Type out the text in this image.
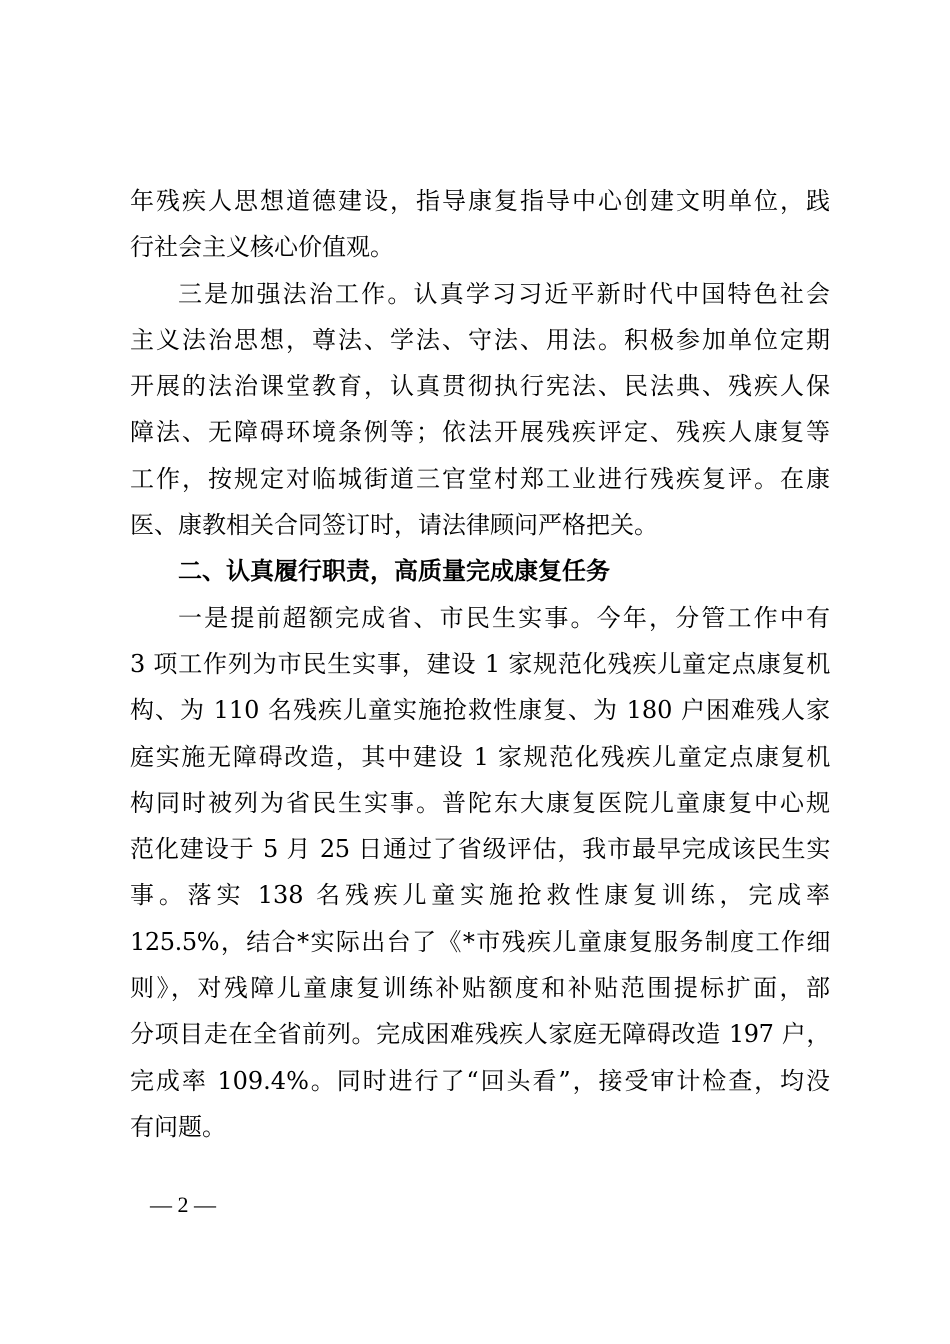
年残疾人思想道德建设，指导康复指导中心创建文明单位，践
行社会主义核心价值观。
三是加强法治工作。认真学习习近平新时代中国特色社会
主义法治思想，尊法、学法、守法、用法。积极参加单位定期
开展的法治课堂教育，认真贯彻执行宪法、民法典、残疾人保
障法、无障碍环境条例等；依法开展残疾评定、残疾人康复等
工作，按规定对临城街道三官堂村郑工业进行残疾复评。在康
医、康教相关合同签订时，请法律顾问严格把关。
二、认真履行职责，高质量完成康复任务
一是提前超额完成省、市民生实事。今年，分管工作中有
3 项工作列为市民生实事，建设 1 家规范化残疾儿童定点康复机
构、为 110 名残疾儿童实施抢救性康复、为 180 户困难残人家
庭实施无障碍改造，其中建设 1 家规范化残疾儿童定点康复机
构同时被列为省民生实事。普陀东大康复医院儿童康复中心规
范化建设于 5 月 25 日通过了省级评估，我市最早完成该民生实
事。落实 138 名残疾儿童实施抢救性康复训练，完成率
125.5%，结合*实际出台了《*市残疾儿童康复服务制度工作细
则》，对残障儿童康复训练补贴额度和补贴范围提标扩面，部
分项目走在全省前列。完成困难残疾人家庭无障碍改造 197 户，
完成率 109.4%。同时进行了“回头看”，接受审计检查，均没
有问题。
— 2 —
